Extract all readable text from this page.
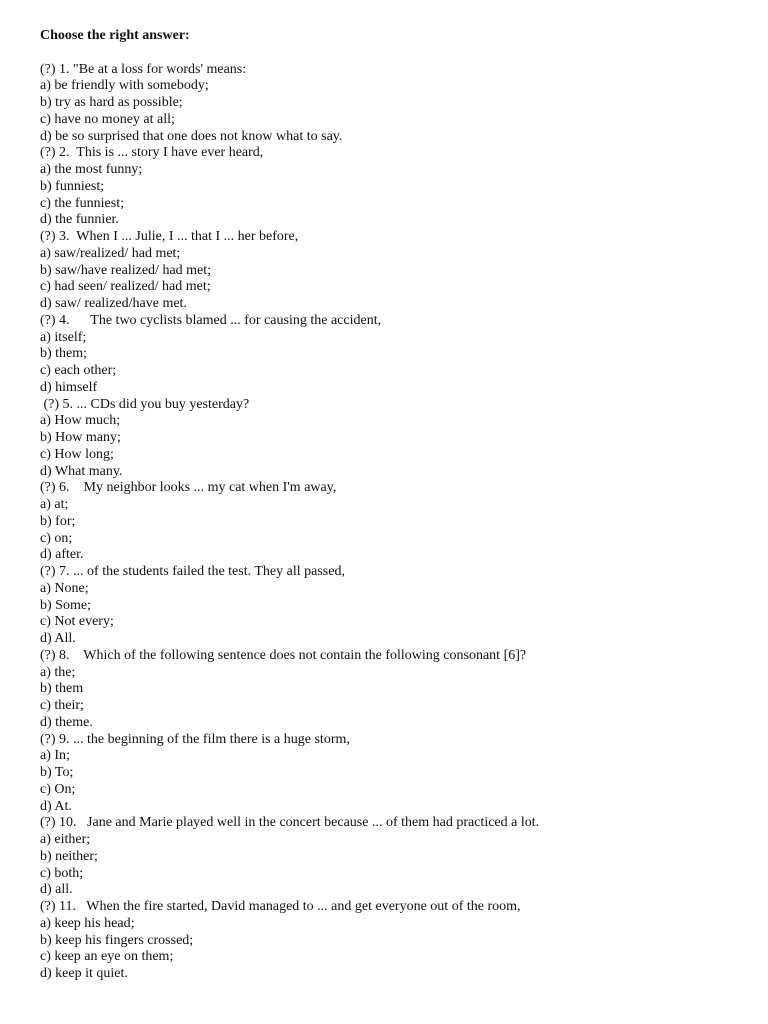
Choose the right answer:
(?) 1. "Be at a loss for words' means:
a) be friendly with somebody;
b) try as hard as possible;
c) have no money at all;
d) be so surprised that one does not know what to say.
(?) 2.  This is ... story I have ever heard,
a) the most funny;
b) funniest;
c) the funniest;
d) the funnier.
(?) 3.  When I ... Julie, I ... that I ... her before,
a) saw/realized/ had met;
b) saw/have realized/ had met;
c) had seen/ realized/ had met;
d) saw/ realized/have met.
(?) 4.      The two cyclists blamed ... for causing the accident,
a) itself;
b) them;
c) each other;
d) himself
(?) 5. ... CDs did you buy yesterday?
a) How much;
b) How many;
c) How long;
d) What many.
(?) 6.    My neighbor looks ... my cat when I'm away,
a) at;
b) for;
c) on;
d) after.
(?) 7. ... of the students failed the test. They all passed,
a) None;
b) Some;
c) Not every;
d) All.
(?) 8.    Which of the following sentence does not contain the following consonant [6]?
a) the;
b) them
c) their;
d) theme.
(?) 9. ... the beginning of the film there is a huge storm,
a) In;
b) To;
c) On;
d) At.
(?) 10.   Jane and Marie played well in the concert because ... of them had practiced a lot.
a) either;
b) neither;
c) both;
d) all.
(?) 11.   When the fire started, David managed to ... and get everyone out of the room,
a) keep his head;
b) keep his fingers crossed;
c) keep an eye on them;
d) keep it quiet.
